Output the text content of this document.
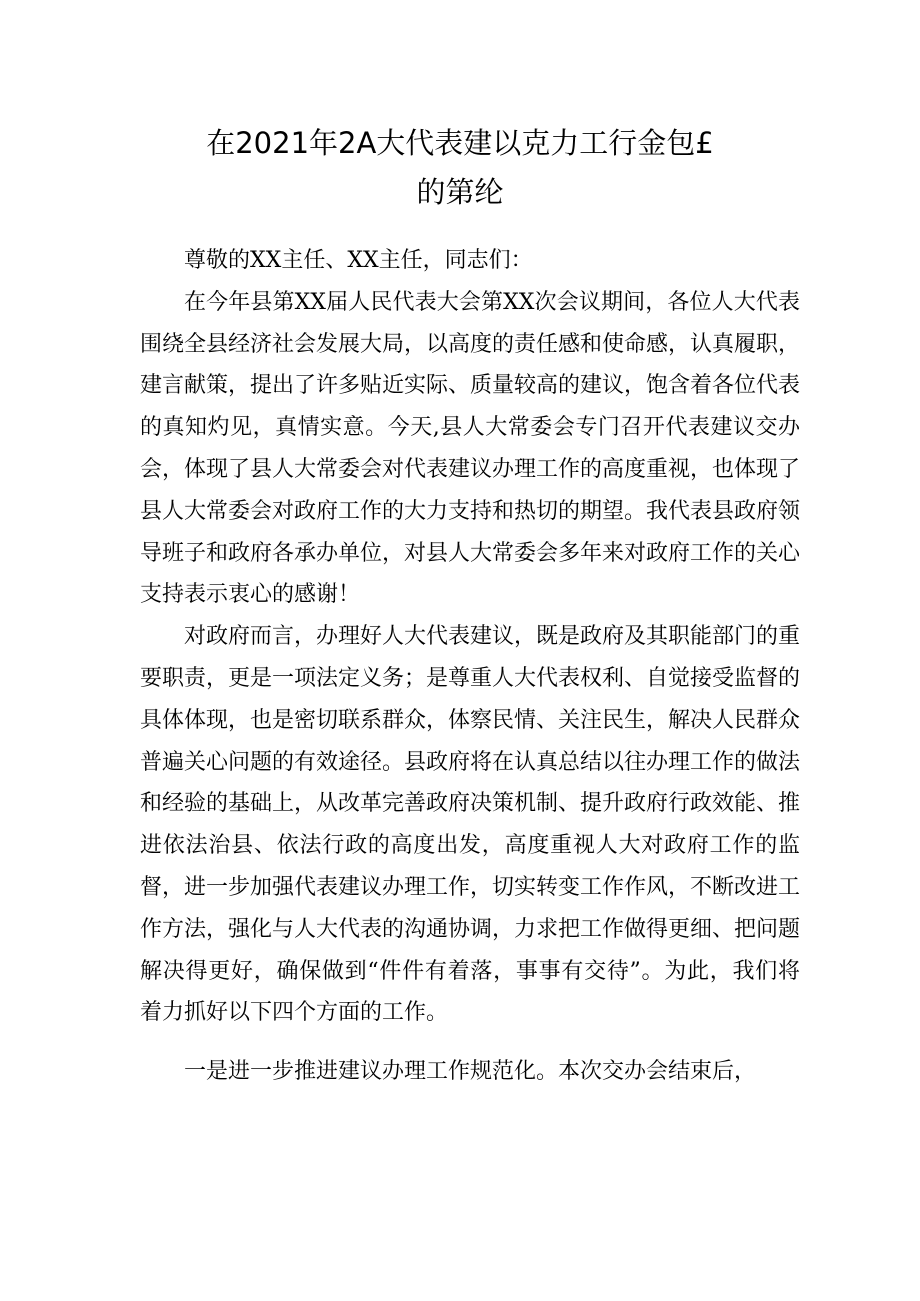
在2021年2A大代表建以克力工行金包£
的第纶

尊敬的XX主任、XX主任，同志们：

在今年县第XX届人民代表大会第XX次会议期间，各位人大代表围绕全县经济社会发展大局，以高度的责任感和使命感，认真履职，建言献策，提出了许多贴近实际、质量较高的建议，饱含着各位代表的真知灼见，真情实意。今天,县人大常委会专门召开代表建议交办会，体现了县人大常委会对代表建议办理工作的高度重视，也体现了县人大常委会对政府工作的大力支持和热切的期望。我代表县政府领导班子和政府各承办单位，对县人大常委会多年来对政府工作的关心支持表示衷心的感谢！

对政府而言，办理好人大代表建议，既是政府及其职能部门的重要职责，更是一项法定义务；是尊重人大代表权利、自觉接受监督的具体体现，也是密切联系群众，体察民情、关注民生，解决人民群众普遍关心问题的有效途径。县政府将在认真总结以往办理工作的做法和经验的基础上，从改革完善政府决策机制、提升政府行政效能、推进依法治县、依法行政的高度出发，高度重视人大对政府工作的监督，进一步加强代表建议办理工作，切实转变工作作风，不断改进工作方法，强化与人大代表的沟通协调，力求把工作做得更细、把问题解决得更好，确保做到“件件有着落，事事有交待”。为此，我们将着力抓好以下四个方面的工作。

一是进一步推进建议办理工作规范化。本次交办会结束后，
